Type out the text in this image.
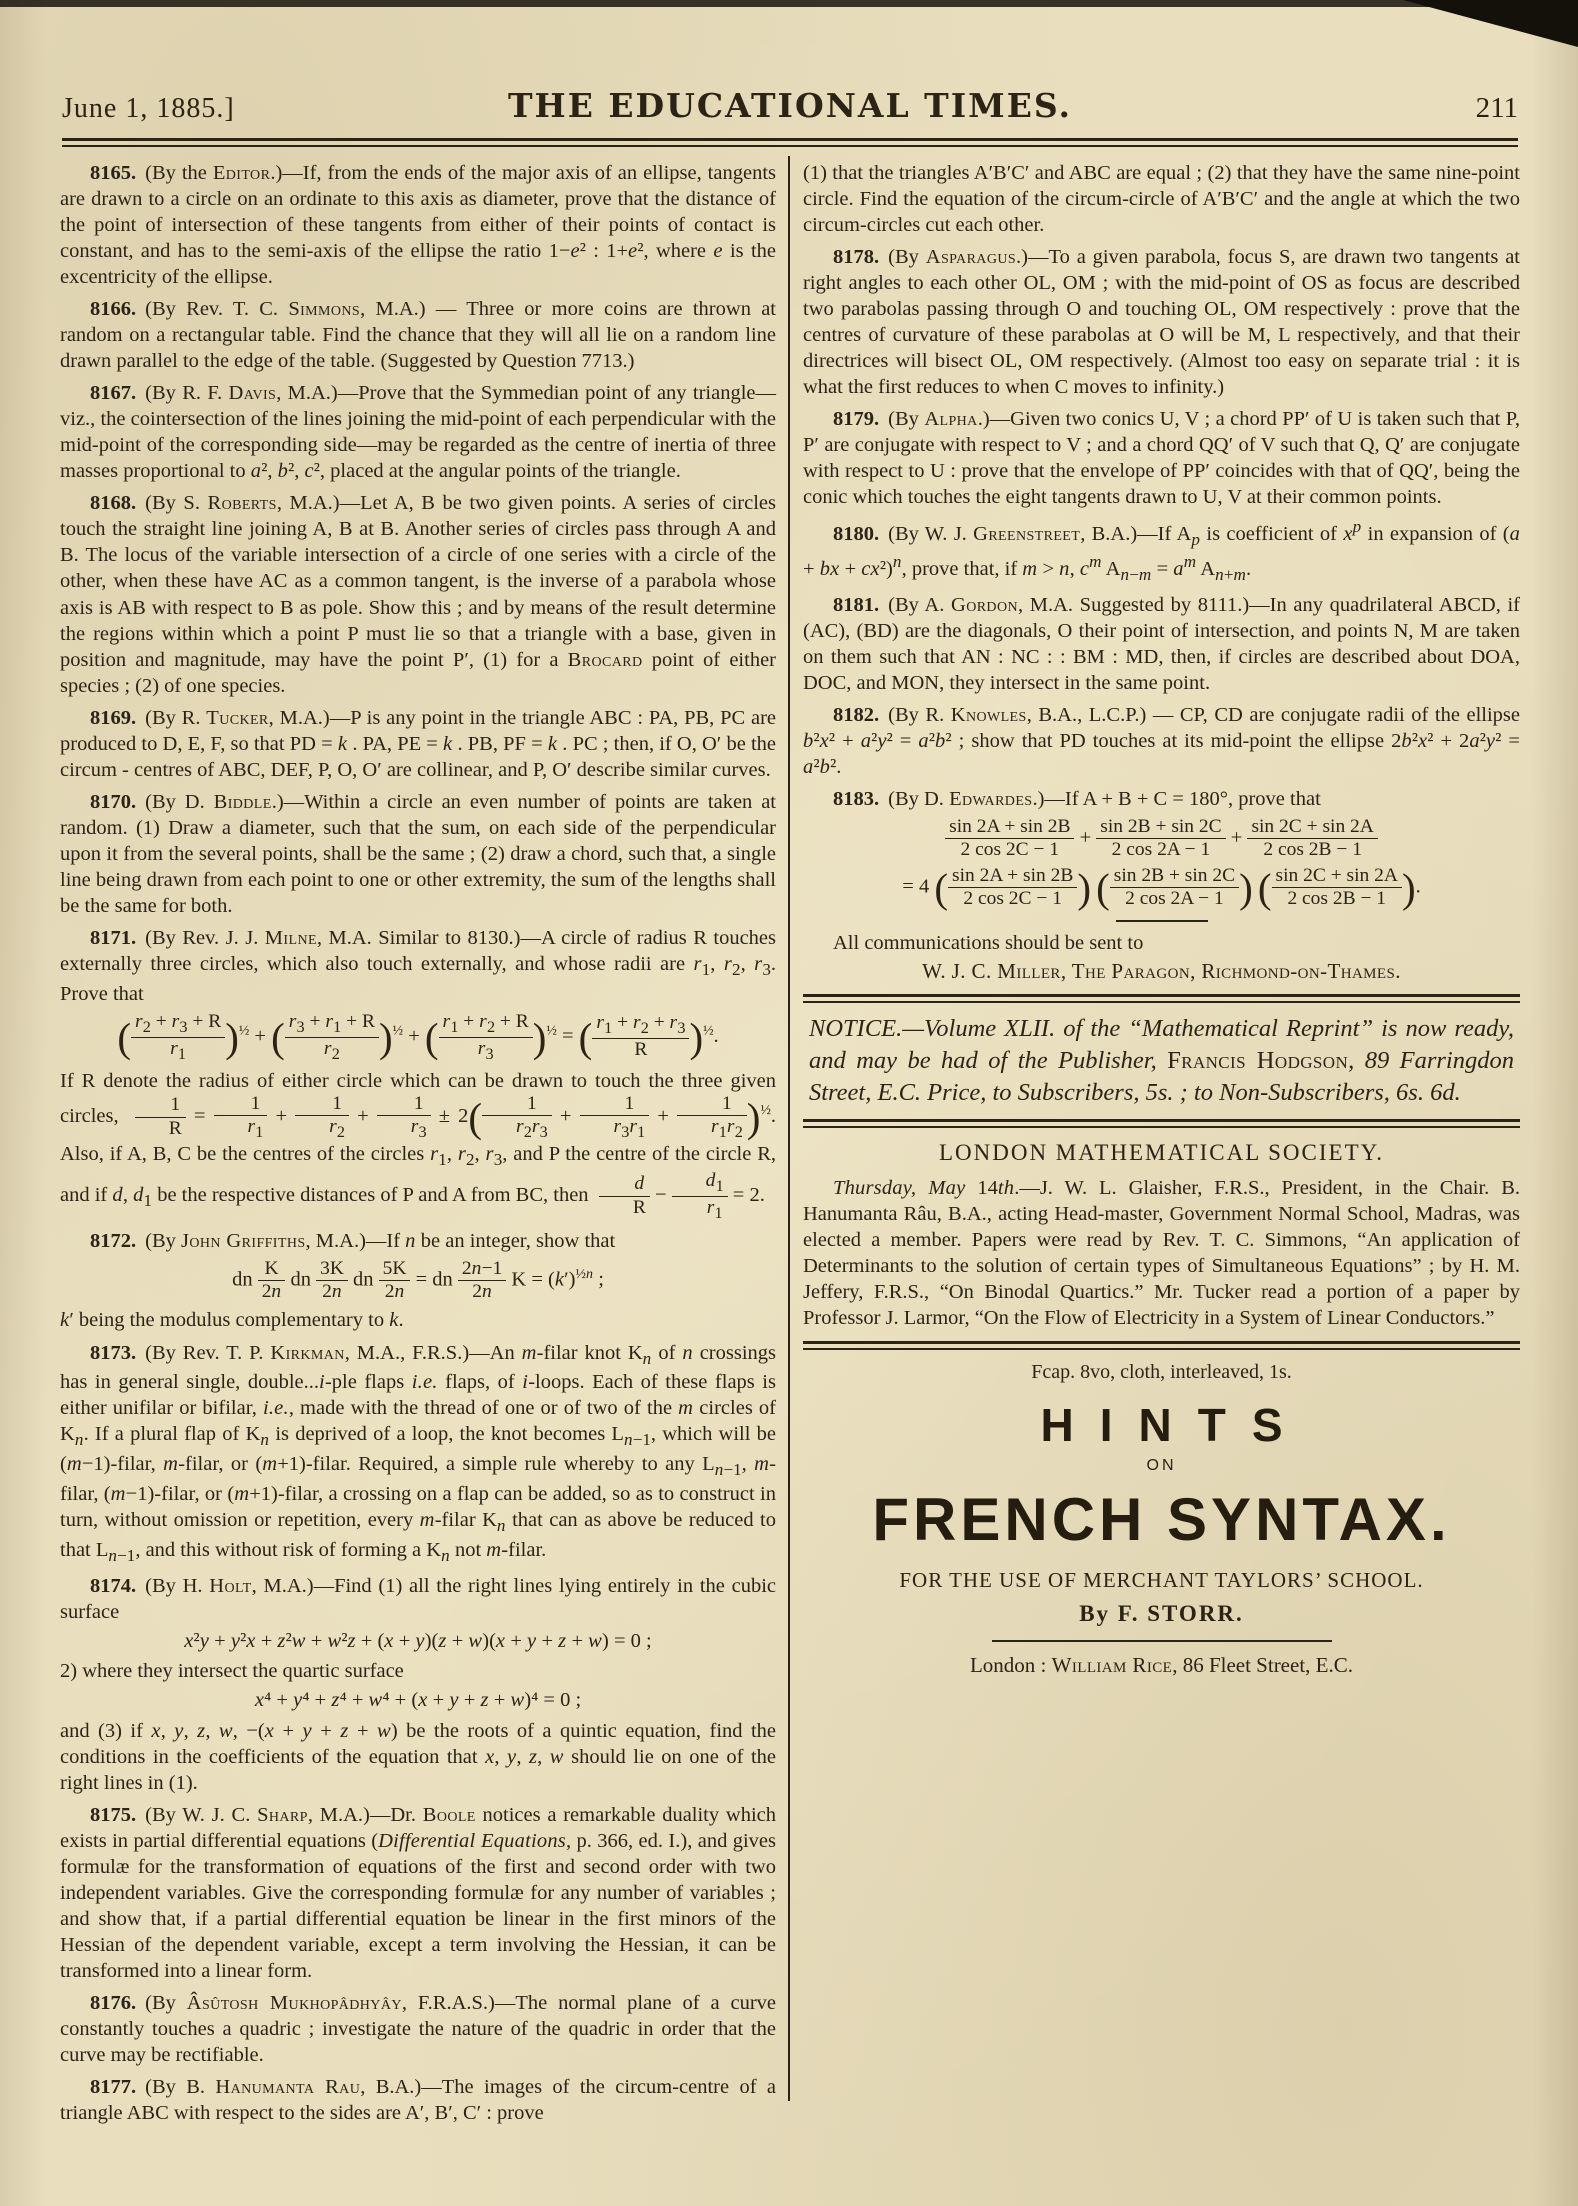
June 1, 1885.]	THE EDUCATIONAL TIMES.	211
8165. (By the Editor.)—If, from the ends of the major axis of an ellipse, tangents are drawn to a circle on an ordinate to this axis as diameter, prove that the distance of the point of intersection of these tangents from either of their points of contact is constant, and has to the semi-axis of the ellipse the ratio 1−e² : 1+e², where e is the excentricity of the ellipse.
8166. (By Rev. T. C. Simmons, M.A.) — Three or more coins are thrown at random on a rectangular table. Find the chance that they will all lie on a random line drawn parallel to the edge of the table. (Suggested by Question 7713.)
8167. (By R. F. Davis, M.A.)—Prove that the Symmedian point of any triangle—viz., the cointersection of the lines joining the mid-point of each perpendicular with the mid-point of the corresponding side—may be regarded as the centre of inertia of three masses proportional to a², b², c², placed at the angular points of the triangle.
8168. (By S. Roberts, M.A.)—Let A, B be two given points. A series of circles touch the straight line joining A, B at B. Another series of circles pass through A and B. The locus of the variable intersection of a circle of one series with a circle of the other, when these have AC as a common tangent, is the inverse of a parabola whose axis is AB with respect to B as pole. Show this ; and by means of the result determine the regions within which a point P must lie so that a triangle with a base, given in position and magnitude, may have the point P′, (1) for a Brocard point of either species ; (2) of one species.
8169. (By R. Tucker, M.A.)—P is any point in the triangle ABC : PA, PB, PC are produced to D, E, F, so that PD = k . PA, PE = k . PB, PF = k . PC ; then, if O, O′ be the circum - centres of ABC, DEF, P, O, O′ are collinear, and P, O′ describe similar curves.
8170. (By D. Biddle.)—Within a circle an even number of points are taken at random. (1) Draw a diameter, such that the sum, on each side of the perpendicular upon it from the several points, shall be the same ; (2) draw a chord, such that, a single line being drawn from each point to one or other extremity, the sum of the lengths shall be the same for both.
8171. (By Rev. J. J. Milne, M.A. Similar to 8130.)—A circle of radius R touches externally three circles, which also touch externally, and whose radii are $r_1$, $r_2$, $r_3$. Prove that
( $\frac{r_2 + r_3 + R}{r_1} )^{\frac{1}{2}}$ + ( $\frac{r_3 + r_1 + R}{r_2} )^{\frac{1}{2}}$ + ( $\frac{r_1 + r_2 + R}{r_3} )^{\frac{1}{2}}$ = ( $\frac{r_1 + r_2 + r_3}{R} )^{\frac{1}{2}}$.
If R denote the radius of either circle which can be drawn to touch the three given circles, $\frac{1}{R} = \frac{1}{r_1} + \frac{1}{r_2} + \frac{1}{r_3} \pm 2( \frac{1}{r_2r_3} + \frac{1}{r_3r_1} + \frac{1}{r_1r_2} )^{\frac{1}{2}}$. Also, if A, B, C be the centres of the circles $r_1$, $r_2$, $r_3$, and P the centre of the circle R, and if d, $d_1$ be the respective distances of P and A from BC, then $\frac{d}{R} - \frac{d_1}{r_1} = 2$.
8172. (By John Griffiths, M.A.)—If n be an integer, show that
dn $\frac{K}{2n}$ dn $\frac{3K}{2n}$ dn $\frac{5K}{2n}$ = dn $\frac{2n-1}{2n}$ $K = (k')^{\frac{1}{2}n}$ ;
k′ being the modulus complementary to k.
8173. (By Rev. T. P. Kirkman, M.A., F.R.S.)—An m-filar knot $K_n$ of n crossings has in general single, double...i-ple flaps i.e. flaps, of i-loops. Each of these flaps is either unifilar or bifilar, i.e., made with the thread of one or of two of the m circles of $K_n$. If a plural flap of $K_n$ is deprived of a loop, the knot becomes $L_{n-1}$, which will be (m−1)-filar, m-filar, or (m+1)-filar. Required, a simple rule whereby to any $L_{n-1}$, m-filar, (m−1)-filar, or (m+1)-filar, a crossing on a flap can be added, so as to construct in turn, without omission or repetition, every m-filar $K_n$ that can as above be reduced to that $L_{n-1}$, and this without risk of forming a $K_n$ not m-filar.
8174. (By H. Holt, M.A.)—Find (1) all the right lines lying entirely in the cubic surface
x²y + y²x + z²w + w²z + (x + y)(z + w)(x + y + z + w) = 0 ;
2) where they intersect the quartic surface
x⁴ + y⁴ + z⁴ + w⁴ + (x + y + z + w)⁴ = 0 ;
and (3) if x, y, z, w, −(x + y + z + w) be the roots of a quintic equation, find the conditions in the coefficients of the equation that x, y, z, w should lie on one of the right lines in (1).
8175. (By W. J. C. Sharp, M.A.)—Dr. Boole notices a remarkable duality which exists in partial differential equations (Differential Equations, p. 366, ed. I.), and gives formulæ for the transformation of equations of the first and second order with two independent variables. Give the corresponding formulæ for any number of variables ; and show that, if a partial differential equation be linear in the first minors of the Hessian of the dependent variable, except a term involving the Hessian, it can be transformed into a linear form.
8176. (By Âsûtosh Mukhopâdhyây, F.R.A.S.)—The normal plane of a curve constantly touches a quadric ; investigate the nature of the quadric in order that the curve may be rectifiable.
8177. (By B. Hanumanta Rau, B.A.)—The images of the circum-centre of a triangle ABC with respect to the sides are A′, B′, C′ : prove
(1) that the triangles A′B′C′ and ABC are equal ; (2) that they have the same nine-point circle. Find the equation of the circum-circle of A′B′C′ and the angle at which the two circum-circles cut each other.
8178. (By Asparagus.)—To a given parabola, focus S, are drawn two tangents at right angles to each other OL, OM ; with the mid-point of OS as focus are described two parabolas passing through O and touching OL, OM respectively : prove that the centres of curvature of these parabolas at O will be M, L respectively, and that their directrices will bisect OL, OM respectively. (Almost too easy on separate trial : it is what the first reduces to when C moves to infinity.)
8179. (By Alpha.)—Given two conics U, V ; a chord PP′ of U is taken such that P, P′ are conjugate with respect to V ; and a chord QQ′ of V such that Q, Q′ are conjugate with respect to U : prove that the envelope of PP′ coincides with that of QQ′, being the conic which touches the eight tangents drawn to U, V at their common points.
8180. (By W. J. Greenstreet, B.A.)—If $A_p$ is coefficient of $x^p$ in expansion of (a + bx + cx²)$^n$, prove that, if m > n, $c^m$ $A_{n-m} = a^m$ $A_{n+m}$.
8181. (By A. Gordon, M.A. Suggested by 8111.)—In any quadrilateral ABCD, if (AC), (BD) are the diagonals, O their point of intersection, and points N, M are taken on them such that AN : NC : : BM : MD, then, if circles are described about DOA, DOC, and MON, they intersect in the same point.
8182. (By R. Knowles, B.A., L.C.P.) — CP, CD are conjugate radii of the ellipse b²x² + a²y² = a²b² ; show that PD touches at its mid-point the ellipse 2b²x² + 2a²y² = a²b².
8183. (By D. Edwardes.)—If A + B + C = 180°, prove that
$\frac{\sin 2A + \sin 2B}{2 \cos 2C - 1} + \frac{\sin 2B + \sin 2C}{2 \cos 2A - 1} + \frac{\sin 2C + \sin 2A}{2 \cos 2B - 1}$
= 4 ( $\frac{\sin 2A + \sin 2B}{2 \cos 2C - 1}$ ) ( $\frac{\sin 2B + \sin 2C}{2 \cos 2A - 1}$ ) ( $\frac{\sin 2C + \sin 2A}{2 \cos 2B - 1}$ ).
All communications should be sent to
W. J. C. Miller, The Paragon, Richmond-on-Thames.
NOTICE.—Volume XLII. of the “Mathematical Reprint” is now ready, and may be had of the Publisher, Francis Hodgson, 89 Farringdon Street, E.C. Price, to Subscribers, 5s. ; to Non-Subscribers, 6s. 6d.
LONDON MATHEMATICAL SOCIETY.
Thursday, May 14th.—J. W. L. Glaisher, F.R.S., President, in the Chair. B. Hanumanta Râu, B.A., acting Head-master, Government Normal School, Madras, was elected a member. Papers were read by Rev. T. C. Simmons, “An application of Determinants to the solution of certain types of Simultaneous Equations” ; by H. M. Jeffery, F.R.S., “On Binodal Quartics.” Mr. Tucker read a portion of a paper by Professor J. Larmor, “On the Flow of Electricity in a System of Linear Conductors.”
Fcap. 8vo, cloth, interleaved, 1s.
HINTS
ON
FRENCH SYNTAX.
FOR THE USE OF MERCHANT TAYLORS’ SCHOOL.
By F. STORR.
London : William Rice, 86 Fleet Street, E.C.
